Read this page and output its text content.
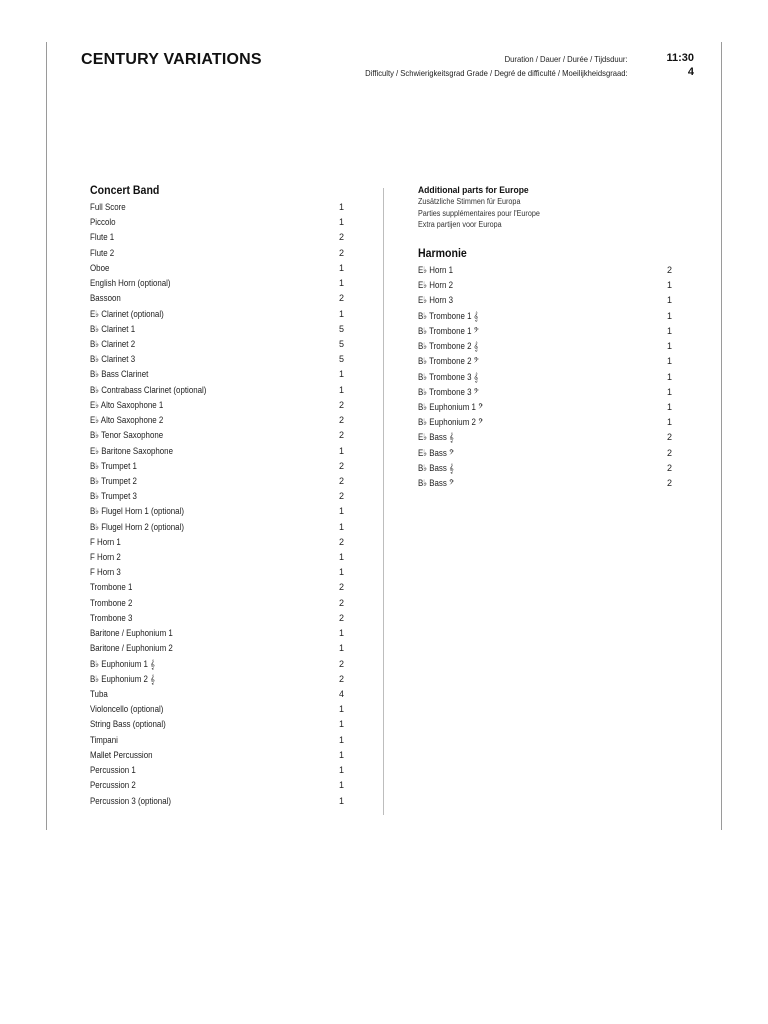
CENTURY VARIATIONS	Duration / Dauer / Durée / Tijdsduur:	11:30
Difficulty / Schwierigkeitsgrad Grade / Degré de difficulté / Moeilijkheidsgraad:	4
Concert Band
Full Score	1
Piccolo	1
Flute 1	2
Flute 2	2
Oboe	1
English Horn (optional)	1
Bassoon	2
E♭ Clarinet (optional)	1
B♭ Clarinet 1	5
B♭ Clarinet 2	5
B♭ Clarinet 3	5
B♭ Bass Clarinet	1
B♭ Contrabass Clarinet (optional)	1
E♭ Alto Saxophone 1	2
E♭ Alto Saxophone 2	2
B♭ Tenor Saxophone	2
E♭ Baritone Saxophone	1
B♭ Trumpet 1	2
B♭ Trumpet 2	2
B♭ Trumpet 3	2
B♭ Flugel Horn 1 (optional)	1
B♭ Flugel Horn 2 (optional)	1
F Horn 1	2
F Horn 2	1
F Horn 3	1
Trombone 1	2
Trombone 2	2
Trombone 3	2
Baritone / Euphonium 1	1
Baritone / Euphonium 2	1
B♭ Euphonium 1 𝄞	2
B♭ Euphonium 2 𝄞	2
Tuba	4
Violoncello (optional)	1
String Bass (optional)	1
Timpani	1
Mallet Percussion	1
Percussion 1	1
Percussion 2	1
Percussion 3 (optional)	1
Additional parts for Europe
Zusätzliche Stimmen für Europa
Parties supplémentaires pour l'Europe
Extra partijen voor Europa
Harmonie
E♭ Horn 1	2
E♭ Horn 2	1
E♭ Horn 3	1
B♭ Trombone 1 𝄞	1
B♭ Trombone 1 𝄢	1
B♭ Trombone 2 𝄞	1
B♭ Trombone 2 𝄢	1
B♭ Trombone 3 𝄞	1
B♭ Trombone 3 𝄢	1
B♭ Euphonium 1 𝄢	1
B♭ Euphonium 2 𝄢	1
E♭ Bass 𝄞	2
E♭ Bass 𝄢	2
B♭ Bass 𝄞	2
B♭ Bass 𝄢	2
